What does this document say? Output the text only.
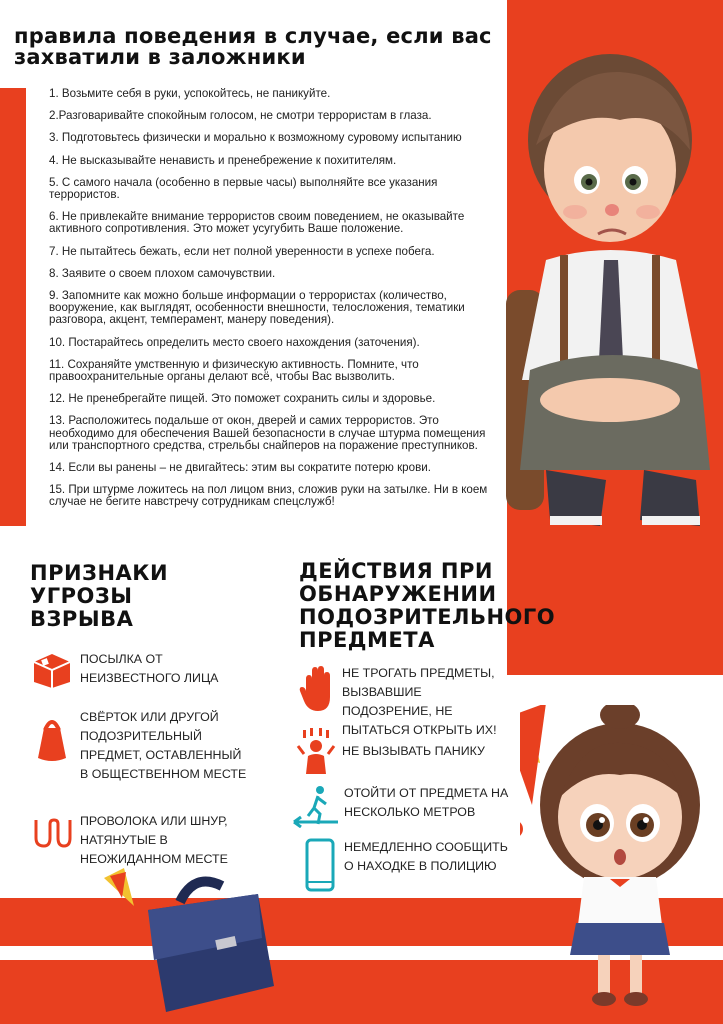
правила поведения в случае, если вас захватили в заложники
1. Возьмите себя в руки, успокойтесь, не паникуйте.
2.Разговаривайте спокойным голосом, не смотри террористам в глаза.
3. Подготовьтесь физически и морально к возможному суровому испытанию
4. Не высказывайте ненависть и пренебрежение к похитителям.
5. С самого начала (особенно в первые часы) выполняйте все указания террористов.
6. Не привлекайте внимание террористов своим поведением, не оказывайте активного сопротивления. Это может усугубить Ваше положение.
7. Не пытайтесь бежать, если нет полной уверенности в успехе побега.
8. Заявите о своем плохом самочувствии.
9. Запомните как можно больше информации о террористах (количество, вооружение, как выглядят, особенности внешности, телосложения, тематики разговора, акцент, темперамент, манеру поведения).
10. Постарайтесь определить место своего нахождения (заточения).
11. Сохраняйте умственную и физическую активность. Помните, что правоохранительные органы делают всё, чтобы Вас вызволить.
12. Не пренебрегайте пищей. Это поможет сохранить силы и здоровье.
13. Расположитесь подальше от окон, дверей и самих террористов. Это необходимо для обеспечения Вашей безопасности в случае штурма помещения или транспортного средства, стрельбы снайперов на поражение преступников.
14. Если вы ранены – не двигайтесь: этим вы сократите потерю крови.
15. При штурме ложитесь на пол лицом вниз, сложив руки на затылке. Ни в коем случае не бегите навстречу сотрудникам спецслужб!
ПРИЗНАКИ УГРОЗЫ ВЗРЫВА
ПОСЫЛКА ОТ НЕИЗВЕСТНОГО ЛИЦА
СВЁРТОК ИЛИ ДРУГОЙ ПОДОЗРИТЕЛЬНЫЙ ПРЕДМЕТ, ОСТАВЛЕННЫЙ В ОБЩЕСТВЕННОМ МЕСТЕ
ПРОВОЛОКА ИЛИ ШНУР, НАТЯНУТЫЕ В НЕОЖИДАННОМ МЕСТЕ
ДЕЙСТВИЯ ПРИ ОБНАРУЖЕНИИ ПОДОЗРИТЕЛЬНОГО ПРЕДМЕТА
НЕ ТРОГАТЬ ПРЕДМЕТЫ, ВЫЗВАВШИЕ ПОДОЗРЕНИЕ, НЕ ПЫТАТЬСЯ ОТКРЫТЬ ИХ!
НЕ ВЫЗЫВАТЬ ПАНИКУ
ОТОЙТИ ОТ ПРЕДМЕТА НА НЕСКОЛЬКО МЕТРОВ
НЕМЕДЛЕННО СООБЩИТЬ О НАХОДКЕ В ПОЛИЦИЮ
